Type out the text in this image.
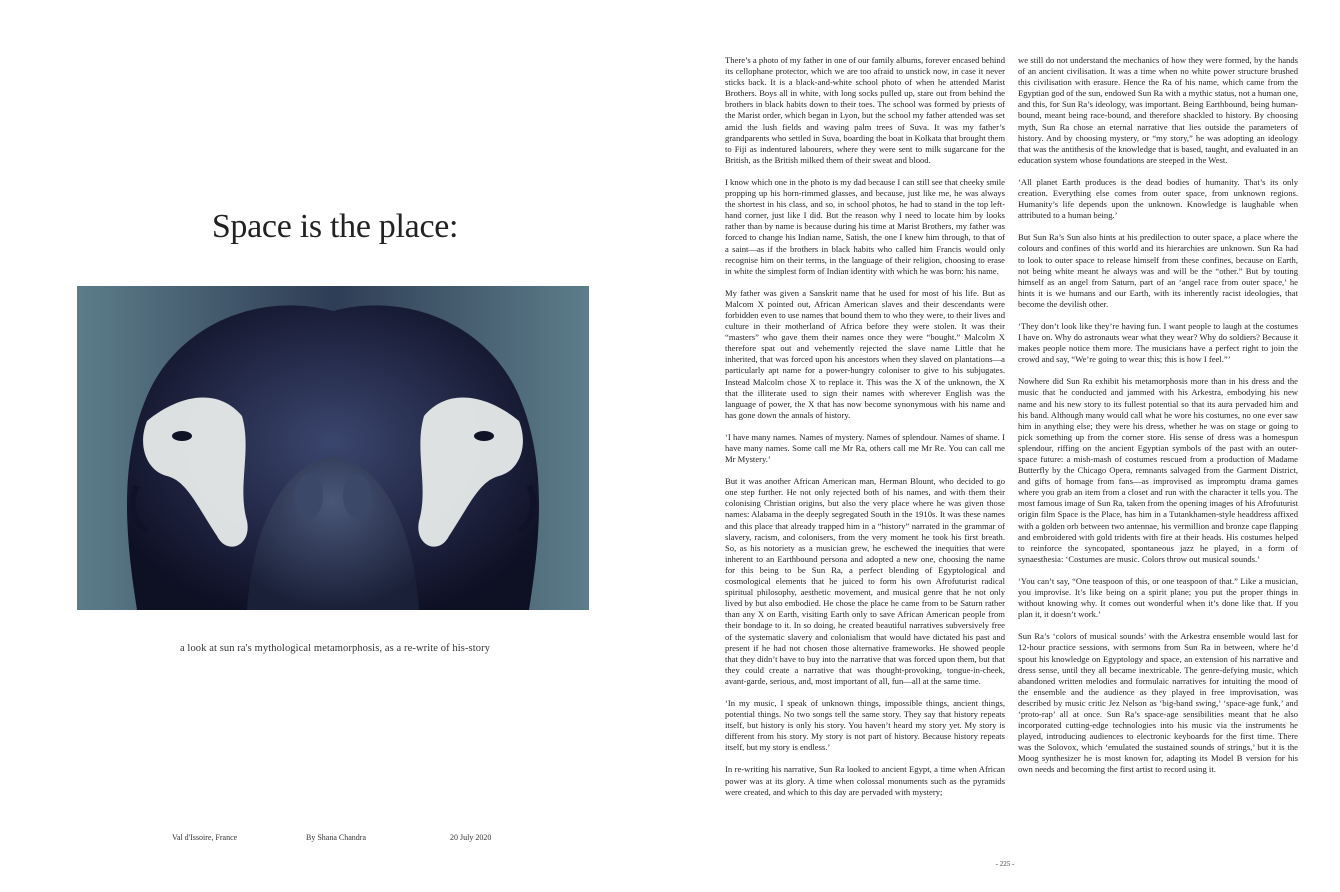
Space is the place:
a look at sun ra's mythological metamorphosis, as a re-write of his-story
Val d'Issoire, France	By Shana Chandra	20 July 2020

There’s a photo of my father in one of our family albums, forever encased behind its cellophane protector, which we are too afraid to unstick now, in case it never sticks back. It is a black-and-white school photo of when he attended Marist Brothers. Boys all in white, with long socks pulled up, stare out from behind the brothers in black habits down to their toes. The school was formed by priests of the Marist order, which began in Lyon, but the school my father attended was set amid the lush fields and waving palm trees of Suva. It was my father’s grandparents who settled in Suva, boarding the boat in Kolkata that brought them to Fiji as indentured labourers, where they were sent to milk sugarcane for the British, as the British milked them of their sweat and blood.

I know which one in the photo is my dad because I can still see that cheeky smile propping up his horn-rimmed glasses, and because, just like me, he was always the shortest in his class, and so, in school photos, he had to stand in the top left-hand corner, just like I did. But the reason why I need to locate him by looks rather than by name is because during his time at Marist Brothers, my father was forced to change his Indian name, Satish, the one I knew him through, to that of a saint—as if the brothers in black habits who called him Francis would only recognise him on their terms, in the language of their religion, choosing to erase in white the simplest form of Indian identity with which he was born: his name.

My father was given a Sanskrit name that he used for most of his life. But as Malcom X pointed out, African American slaves and their descendants were forbidden even to use names that bound them to who they were, to their lives and culture in their motherland of Africa before they were stolen. It was their “masters” who gave them their names once they were “bought.” Malcolm X therefore spat out and vehemently rejected the slave name Little that he inherited, that was forced upon his ancestors when they slaved on plantations—a particularly apt name for a power-hungry coloniser to give to his subjugates. Instead Malcolm chose X to replace it. This was the X of the unknown, the X that the illiterate used to sign their names with wherever English was the language of power, the X that has now become synonymous with his name and has gone down the annals of history.

‘I have many names. Names of mystery. Names of splendour. Names of shame. I have many names. Some call me Mr Ra, others call me Mr Re. You can call me Mr Mystery.’

But it was another African American man, Herman Blount, who decided to go one step further. He not only rejected both of his names, and with them their colonising Christian origins, but also the very place where he was given those names: Alabama in the deeply segregated South in the 1910s. It was these names and this place that already trapped him in a “history” narrated in the grammar of slavery, racism, and colonisers, from the very moment he took his first breath. So, as his notoriety as a musician grew, he eschewed the inequities that were inherent to an Earthbound persona and adopted a new one, choosing the name for this being to be Sun Ra, a perfect blending of Egyptological and cosmological elements that he juiced to form his own Afrofuturist radical spiritual philosophy, aesthetic movement, and musical genre that he not only lived by but also embodied. He chose the place he came from to be Saturn rather than any X on Earth, visiting Earth only to save African American people from their bondage to it. In so doing, he created beautiful narratives subversively free of the systematic slavery and colonialism that would have dictated his past and present if he had not chosen those alternative frameworks. He showed people that they didn’t have to buy into the narrative that was forced upon them, but that they could create a narrative that was thought-provoking, tongue-in-cheek, avant-garde, serious, and, most important of all, fun—all at the same time.

‘In my music, I speak of unknown things, impossible things, ancient things, potential things. No two songs tell the same story. They say that history repeats itself, but history is only his story. You haven’t heard my story yet. My story is different from his story. My story is not part of history. Because history repeats itself, but my story is endless.’

In re-writing his narrative, Sun Ra looked to ancient Egypt, a time when African power was at its glory. A time when colossal monuments such as the pyramids were created, and which to this day are pervaded with mystery;

we still do not understand the mechanics of how they were formed, by the hands of an ancient civilisation. It was a time when no white power structure brushed this civilisation with erasure. Hence the Ra of his name, which came from the Egyptian god of the sun, endowed Sun Ra with a mythic status, not a human one, and this, for Sun Ra’s ideology, was important. Being Earthbound, being human-bound, meant being race-bound, and therefore shackled to history. By choosing myth, Sun Ra chose an eternal narrative that lies outside the parameters of history. And by choosing mystery, or “my story,” he was adopting an ideology that was the antithesis of the knowledge that is based, taught, and evaluated in an education system whose foundations are steeped in the West.

‘All planet Earth produces is the dead bodies of humanity. That’s its only creation. Everything else comes from outer space, from unknown regions. Humanity’s life depends upon the unknown. Knowledge is laughable when attributed to a human being.’

But Sun Ra’s Sun also hints at his predilection to outer space, a place where the colours and confines of this world and its hierarchies are unknown. Sun Ra had to look to outer space to release himself from these confines, because on Earth, not being white meant he always was and will be the “other.” But by touting himself as an angel from Saturn, part of an ‘angel race from outer space,’ he hints it is we humans and our Earth, with its inherently racist ideologies, that become the devilish other.

‘They don’t look like they’re having fun. I want people to laugh at the costumes I have on. Why do astronauts wear what they wear? Why do soldiers? Because it makes people notice them more. The musicians have a perfect right to join the crowd and say, “We’re going to wear this; this is how I feel.”’

Nowhere did Sun Ra exhibit his metamorphosis more than in his dress and the music that he conducted and jammed with his Arkestra, embodying his new name and his new story to its fullest potential so that its aura pervaded him and his band. Although many would call what he wore his costumes, no one ever saw him in anything else; they were his dress, whether he was on stage or going to pick something up from the corner store. His sense of dress was a homespun splendour, riffing on the ancient Egyptian symbols of the past with an outer-space future: a mish-mash of costumes rescued from a production of Madame Butterfly by the Chicago Opera, remnants salvaged from the Garment District, and gifts of homage from fans—as improvised as impromptu drama games where you grab an item from a closet and run with the character it tells you. The most famous image of Sun Ra, taken from the opening images of his Afrofuturist origin film Space is the Place, has him in a Tutankhamen-style headdress affixed with a golden orb between two antennae, his vermillion and bronze cape flapping and embroidered with gold tridents with fire at their heads. His costumes helped to reinforce the syncopated, spontaneous jazz he played, in a form of synaesthesia: ‘Costumes are music. Colors throw out musical sounds.’

‘You can’t say, “One teaspoon of this, or one teaspoon of that.” Like a musician, you improvise. It’s like being on a spirit plane; you put the proper things in without knowing why. It comes out wonderful when it’s done like that. If you plan it, it doesn’t work.’

Sun Ra’s ‘colors of musical sounds’ with the Arkestra ensemble would last for 12-hour practice sessions, with sermons from Sun Ra in between, where he’d spout his knowledge on Egyptology and space, an extension of his narrative and dress sense, until they all became inextricable. The genre-defying music, which abandoned written melodies and formulaic narratives for intuiting the mood of the ensemble and the audience as they played in free improvisation, was described by music critic Jez Nelson as ‘big-band swing,’ ‘space-age funk,’ and ‘proto-rap’ all at once. Sun Ra’s space-age sensibilities meant that he also incorporated cutting-edge technologies into his music via the instruments he played, introducing audiences to electronic keyboards for the first time. There was the Solovox, which ‘emulated the sustained sounds of strings,’ but it is the Moog synthesizer he is most known for, adapting its Model B version for his own needs and becoming the first artist to record using it.

- 225 -
